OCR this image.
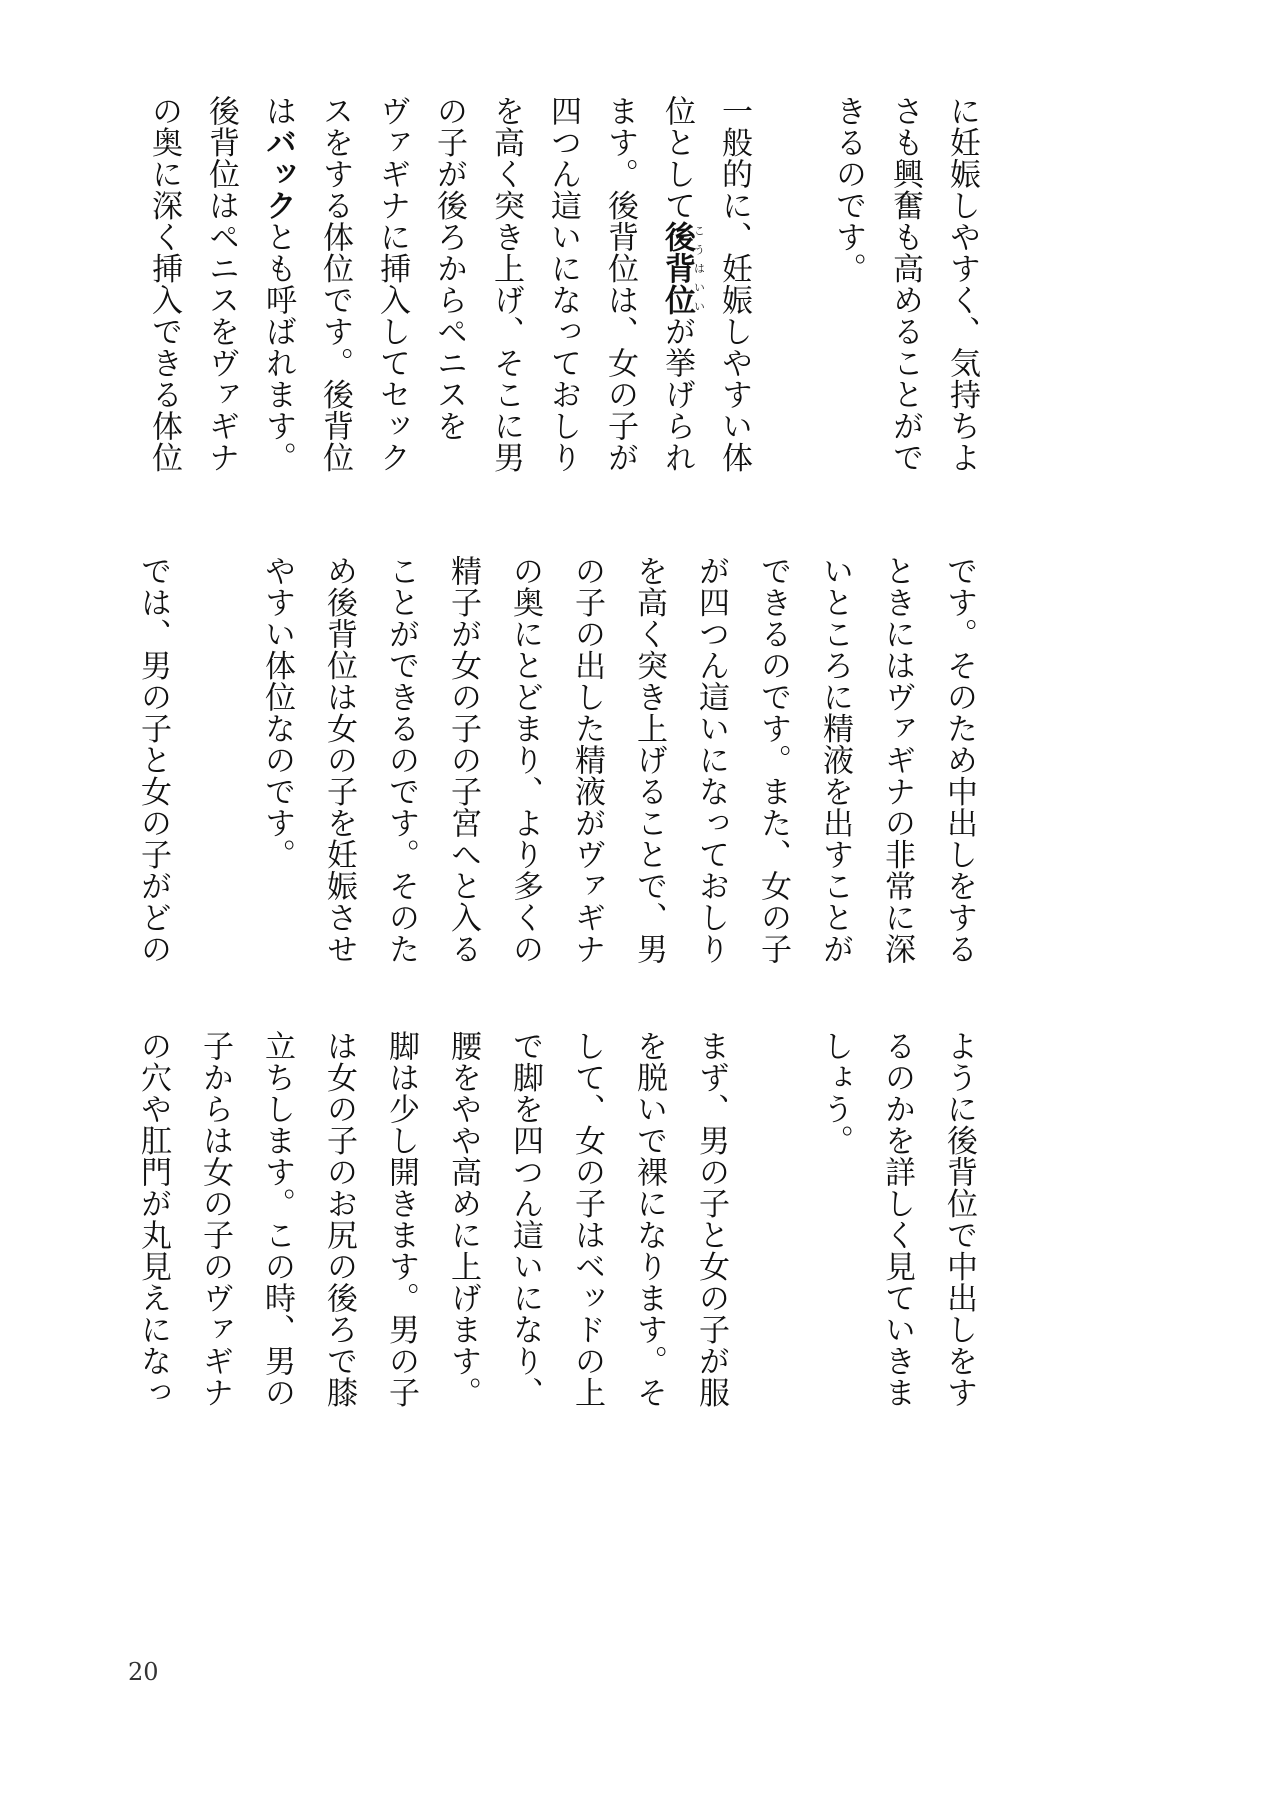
に妊娠しやすく、気持ちよ
さも興奮も高めることがで
きるのです。

一般的に、妊娠しやすい体
位として後背位こうはいいが挙げられ
ます。後背位は、女の子が
四つん這いになっておしり
を高く突き上げ、そこに男
の子が後ろからペニスを
ヴァギナに挿入してセック
スをする体位です。後背位
はバックとも呼ばれます。
後背位はペニスをヴァギナ
の奥に深く挿入できる体位
です。そのため中出しをする
ときにはヴァギナの非常に深
いところに精液を出すことが
できるのです。また、女の子
が四つん這いになっておしり
を高く突き上げることで、男
の子の出した精液がヴァギナ
の奥にとどまり、より多くの
精子が女の子の子宮へと入る
ことができるのです。そのた
め後背位は女の子を妊娠させ
やすい体位なのです。

では、男の子と女の子がどの
ように後背位で中出しをす
るのかを詳しく見ていきま
しょう。

まず、男の子と女の子が服
を脱いで裸になります。そ
して、女の子はベッドの上
で脚を四つん這いになり、
腰をやや高めに上げます。
脚は少し開きます。男の子
は女の子のお尻の後ろで膝
立ちします。この時、男の
子からは女の子のヴァギナ
の穴や肛門が丸見えになっ
20
